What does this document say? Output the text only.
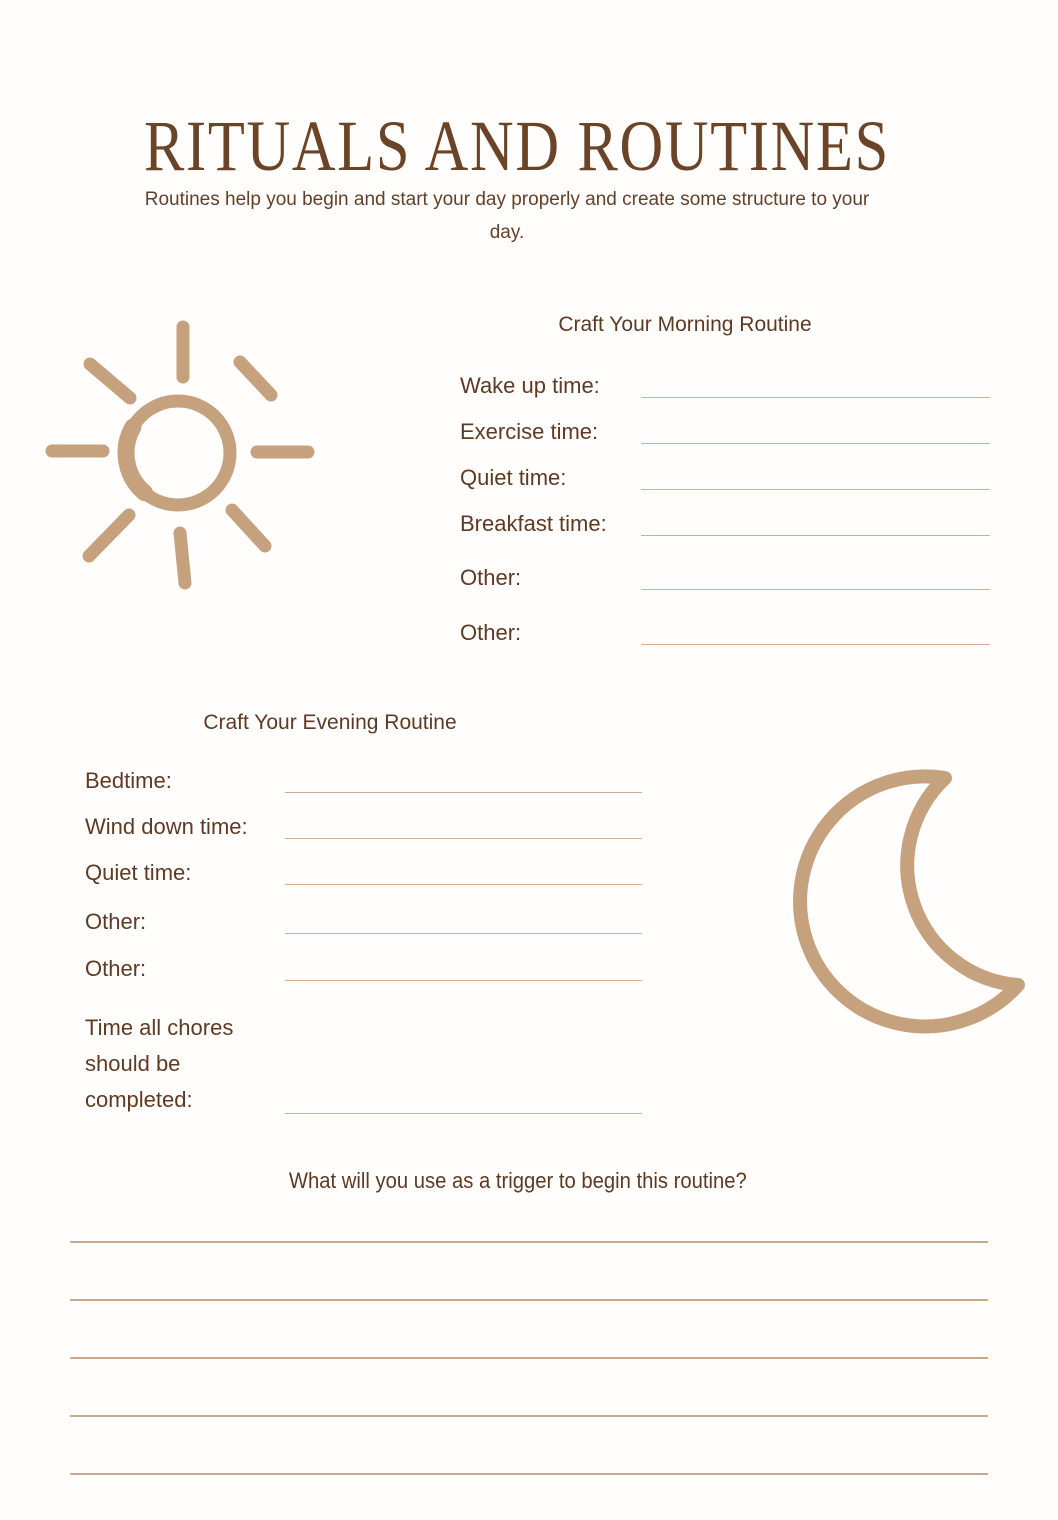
RITUALS AND ROUTINES
Routines help you begin and start your day properly and create some structure to your day.
Craft Your Morning Routine
Wake up time:
Exercise time:
Quiet time:
Breakfast time:
Other:
Other:
Craft Your Evening Routine
Bedtime:
Wind down time:
Quiet time:
Other:
Other:
Time all chores should be completed:
What will you use as a trigger to begin this routine?
